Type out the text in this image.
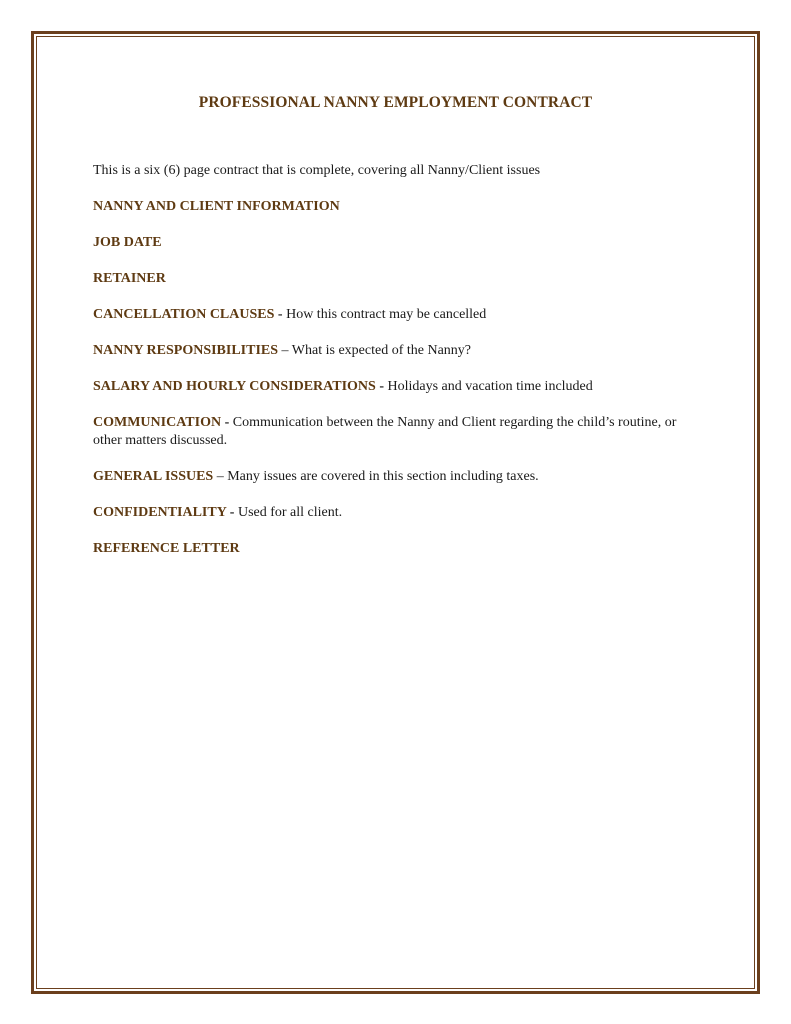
PROFESSIONAL NANNY EMPLOYMENT CONTRACT

This is a six (6) page contract that is complete, covering all Nanny/Client issues

NANNY AND CLIENT INFORMATION

JOB DATE

RETAINER

CANCELLATION CLAUSES - How this contract may be cancelled

NANNY RESPONSIBILITIES – What is expected of the Nanny?

SALARY AND HOURLY CONSIDERATIONS - Holidays and vacation time included

COMMUNICATION - Communication between the Nanny and Client regarding the child’s routine, or other matters discussed.

GENERAL ISSUES – Many issues are covered in this section including taxes.

CONFIDENTIALITY - Used for all client.

REFERENCE LETTER
